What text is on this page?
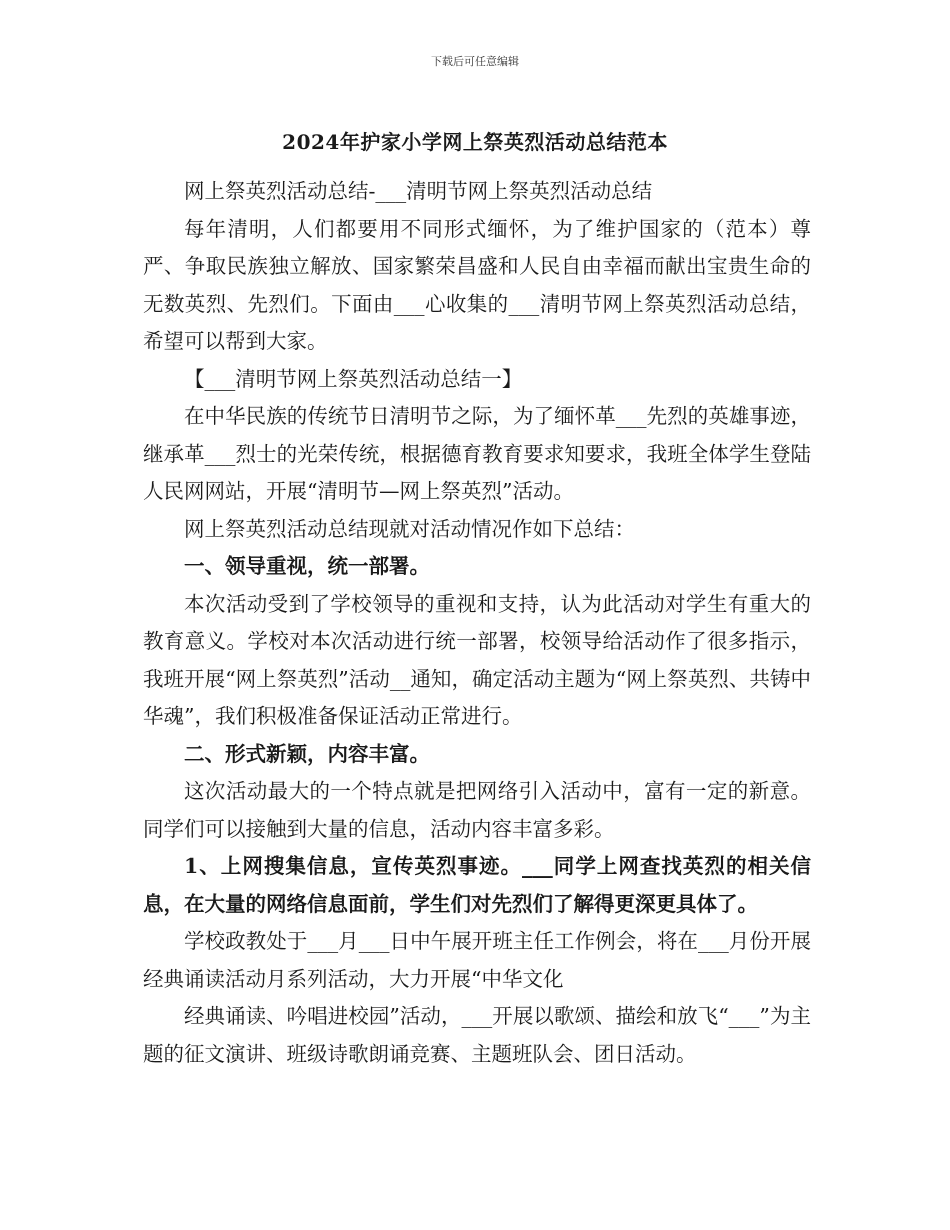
下载后可任意编辑
2024年护家小学网上祭英烈活动总结范本

网上祭英烈活动总结-___清明节网上祭英烈活动总结

每年清明，人们都要用不同形式缅怀，为了维护国家的（范本）尊严、争取民族独立解放、国家繁荣昌盛和人民自由幸福而献出宝贵生命的无数英烈、先烈们。下面由___心收集的___清明节网上祭英烈活动总结，希望可以帮到大家。

【___清明节网上祭英烈活动总结一】

在中华民族的传统节日清明节之际，为了缅怀革___先烈的英雄事迹，继承革___烈士的光荣传统，根据德育教育要求知要求，我班全体学生登陆人民网网站，开展“清明节—网上祭英烈”活动。

网上祭英烈活动总结现就对活动情况作如下总结：

一、领导重视，统一部署。

本次活动受到了学校领导的重视和支持，认为此活动对学生有重大的教育意义。学校对本次活动进行统一部署，校领导给活动作了很多指示，我班开展“网上祭英烈”活动__通知，确定活动主题为“网上祭英烈、共铸中华魂”，我们积极准备保证活动正常进行。

二、形式新颖，内容丰富。

这次活动最大的一个特点就是把网络引入活动中，富有一定的新意。同学们可以接触到大量的信息，活动内容丰富多彩。

1、上网搜集信息，宣传英烈事迹。___同学上网查找英烈的相关信息，在大量的网络信息面前，学生们对先烈们了解得更深更具体了。

学校政教处于___月___日中午展开班主任工作例会，将在___月份开展经典诵读活动月系列活动，大力开展“中华文化

经典诵读、吟唱进校园”活动，___开展以歌颂、描绘和放飞“___”为主题的征文演讲、班级诗歌朗诵竞赛、主题班队会、团日活动。
